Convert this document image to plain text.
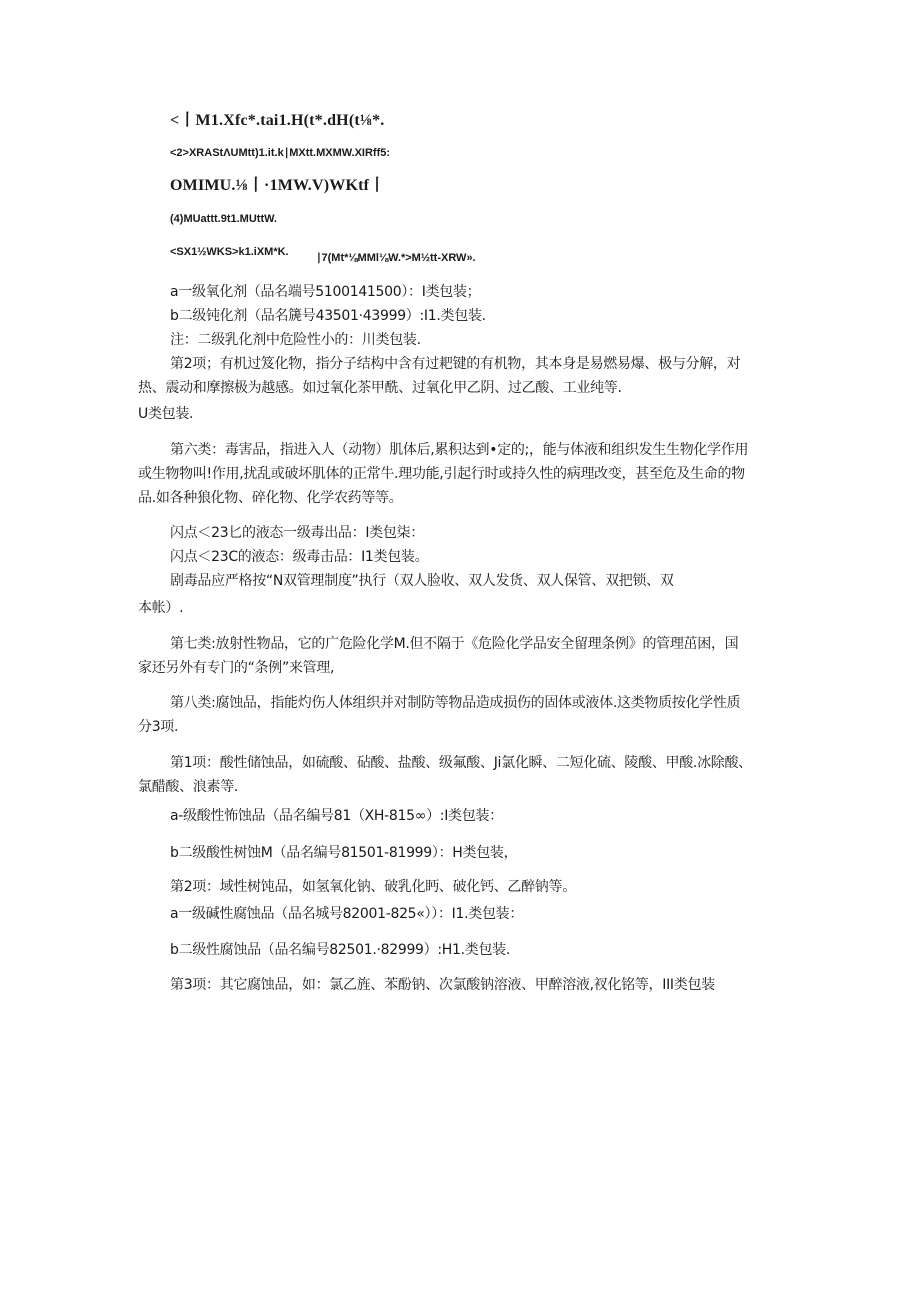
<丨M1.Xfc*.tai1.H(t*.dH(t⅛*.
<2>XRAStΛUMtt)1.it.k∣MXtt.MXMW.XIRff5:
OMIMU.⅛丨·1MW.V)WKtf丨
(4)MUattt.9t1.MUttW.
<SX1½WKS>k1.iXM*K. ∣7(Mt*⅛MMl⅛W.*>M½tt-XRW».
a一级氧化剂（品名端号5100141500）：I类包装；
b二级钝化剂（品名篪号43501·43999）:I1.类包装.
注：二级乳化剂中危险性小的：川类包装.
第2项；有机过笈化物，指分子结构中含有过耙键的有机物，其本身是易燃易爆、极与分解，对
热、震动和摩擦极为越感。如过氧化茶甲酰、过氧化甲乙阴、过乙酸、工业纯等.
U类包装.
第六类：毒害品，指进入人（动物）肌体后,累积达到•定的;，能与体液和组织发生生物化学作用
或生物物叫!作用,扰乱或破坏肌体的正常牛.理功能,引起行时或持久性的病理改变，甚至危及生命的物
品.如各种狼化物、碎化物、化学农药等等。
闪点＜23匕的液态一级毒出品：I类包柒：
闪点＜23C的液态：级毒击品：I1类包装。
剧毒品应严格按“N双管理制度”执行（双人脸收、双人发货、双人保管、双把锁、双
本帐）.
第七类:放射性物品，它的广危险化学M.但不隔于《危险化学品安全留理条例》的管理茁困，国
家还另外有专门的“条例”来管理,
第八类:腐蚀品，指能灼伤人体组织并对制防等物品造成损伤的固体或液体.这类物质按化学性质
分3项.
第1项：酸性储蚀品，如硫酸、砧酸、盐酸、级氟酸、Ji氯化瞬、二短化硫、陵酸、甲酸.冰除酸、
氯醋酸、浪素等.
a-级酸性怖蚀品（品名编号81（XH-815∞）:I类包装：
b二级酸性树蚀M（品名编号81501-81999）：H类包装，
第2项：域性树饨品，如氢氧化钠、破乳化眄、破化钙、乙醉钠等。
a一级碱性腐蚀品（品名城号82001-825«））：I1.类包装：
b二级性腐蚀品（品名编号82501.·82999）:H1.类包装.
第3项：其它腐蚀品，如：氯乙旌、苯酚钠、次氯酸钠溶液、甲醉溶液,衩化铭等，III类包装
